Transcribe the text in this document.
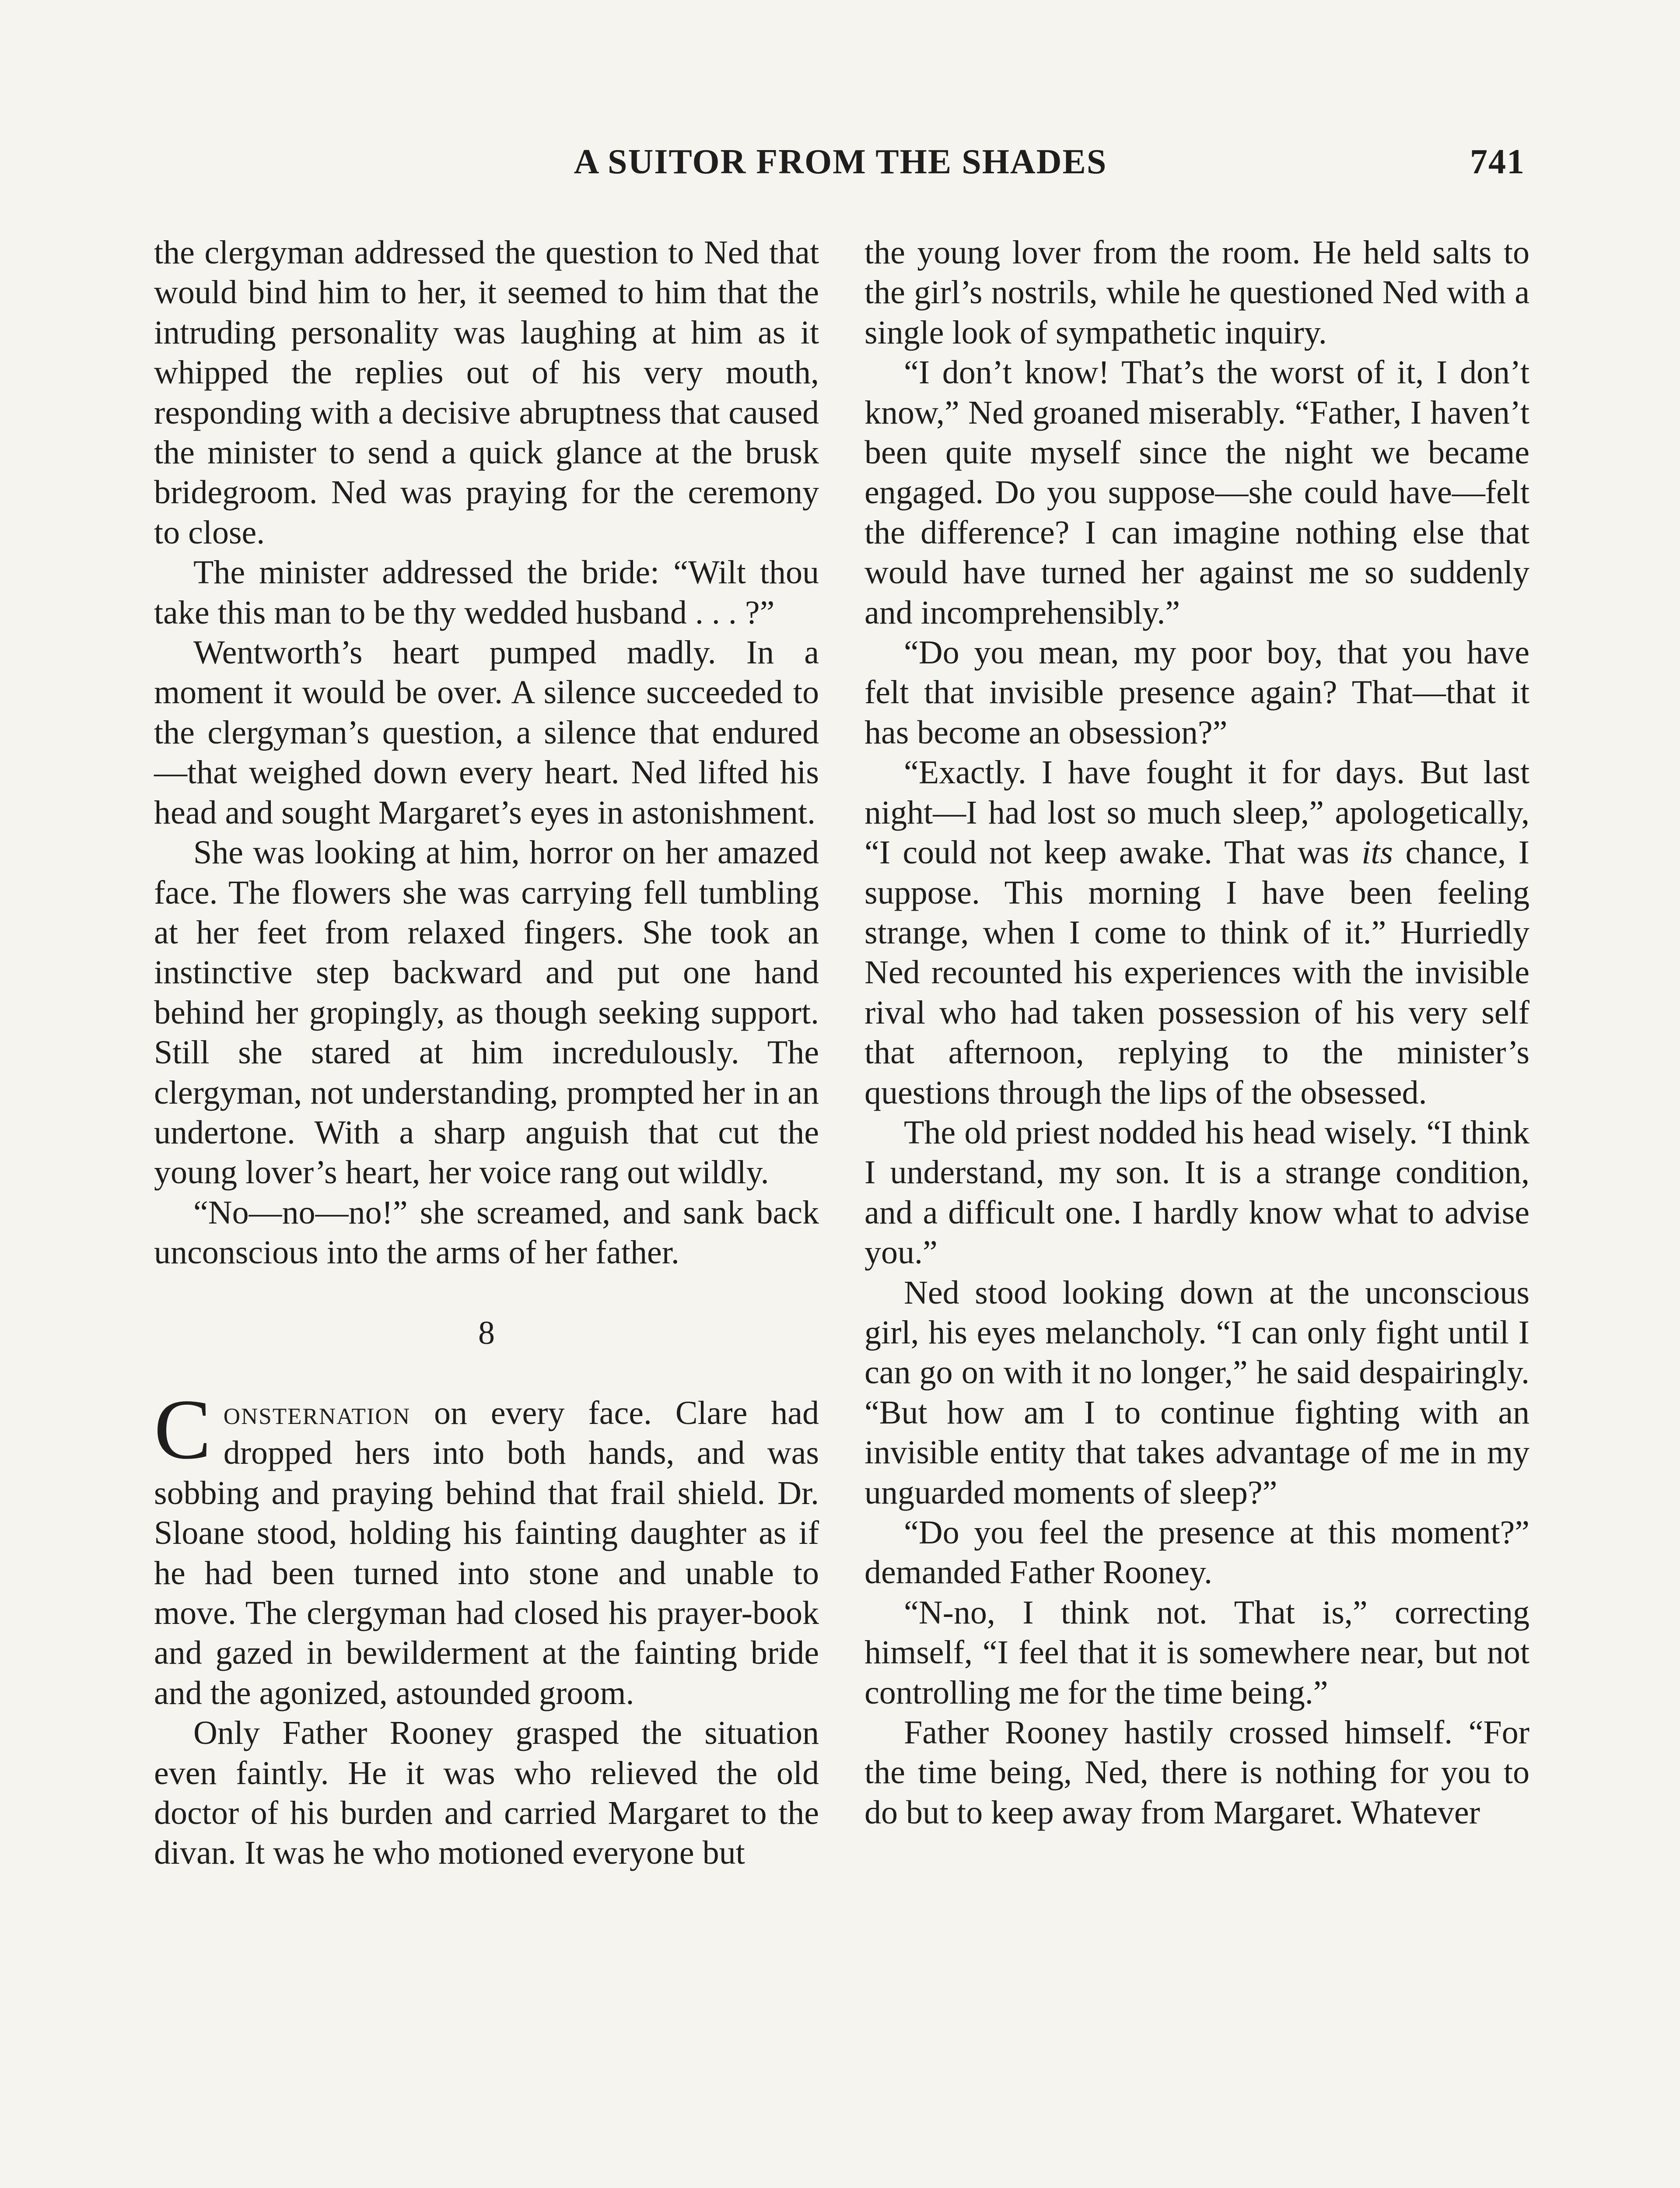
A SUITOR FROM THE SHADES	741

the clergyman addressed the question to Ned that would bind him to her, it seemed to him that the intruding personality was laughing at him as it whipped the replies out of his very mouth, responding with a decisive abruptness that caused the minister to send a quick glance at the brusk bridegroom. Ned was praying for the ceremony to close.

The minister addressed the bride: “Wilt thou take this man to be thy wedded husband . . . ?”

Wentworth’s heart pumped madly. In a moment it would be over. A silence succeeded to the clergyman’s question, a silence that endured—that weighed down every heart. Ned lifted his head and sought Margaret’s eyes in astonishment.

She was looking at him, horror on her amazed face. The flowers she was carrying fell tumbling at her feet from relaxed fingers. She took an instinctive step backward and put one hand behind her gropingly, as though seeking support. Still she stared at him incredulously. The clergyman, not understanding, prompted her in an undertone. With a sharp anguish that cut the young lover’s heart, her voice rang out wildly.

“No—no—no!” she screamed, and sank back unconscious into the arms of her father.

8

Consternation on every face. Clare had dropped hers into both hands, and was sobbing and praying behind that frail shield. Dr. Sloane stood, holding his fainting daughter as if he had been turned into stone and unable to move. The clergyman had closed his prayer-book and gazed in bewilderment at the fainting bride and the agonized, astounded groom.

Only Father Rooney grasped the situation even faintly. He it was who relieved the old doctor of his burden and carried Margaret to the divan. It was he who motioned everyone but

the young lover from the room. He held salts to the girl’s nostrils, while he questioned Ned with a single look of sympathetic inquiry.

“I don’t know! That’s the worst of it, I don’t know,” Ned groaned miserably. “Father, I haven’t been quite myself since the night we became engaged. Do you suppose—she could have—felt the difference? I can imagine nothing else that would have turned her against me so suddenly and incomprehensibly.”

“Do you mean, my poor boy, that you have felt that invisible presence again? That—that it has become an obsession?”

“Exactly. I have fought it for days. But last night—I had lost so much sleep,” apologetically, “I could not keep awake. That was its chance, I suppose. This morning I have been feeling strange, when I come to think of it.” Hurriedly Ned recounted his experiences with the invisible rival who had taken possession of his very self that afternoon, replying to the minister’s questions through the lips of the obsessed.

The old priest nodded his head wisely. “I think I understand, my son. It is a strange condition, and a difficult one. I hardly know what to advise you.”

Ned stood looking down at the unconscious girl, his eyes melancholy. “I can only fight until I can go on with it no longer,” he said despairingly. “But how am I to continue fighting with an invisible entity that takes advantage of me in my unguarded moments of sleep?”

“Do you feel the presence at this moment?” demanded Father Rooney.

“N-no, I think not. That is,” correcting himself, “I feel that it is somewhere near, but not controlling me for the time being.”

Father Rooney hastily crossed himself. “For the time being, Ned, there is nothing for you to do but to keep away from Margaret. Whatever
